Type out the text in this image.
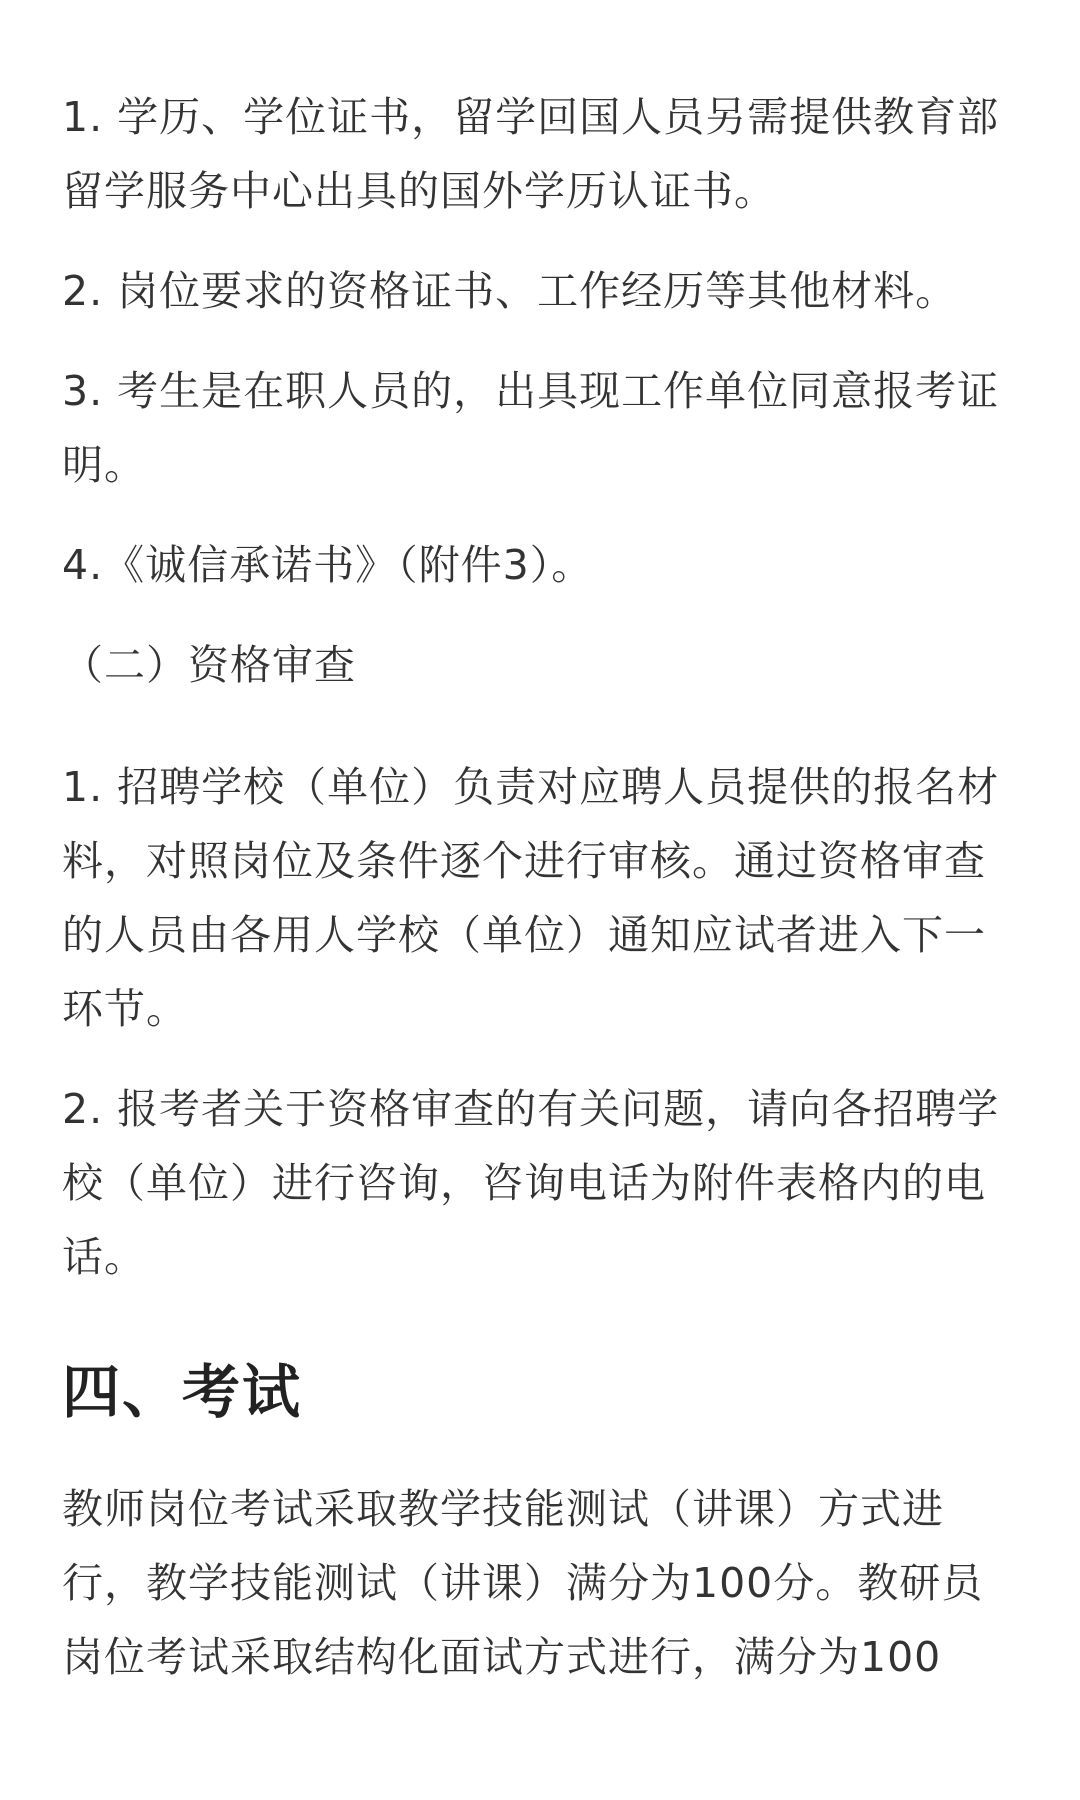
1. 学历、学位证书，留学回国人员另需提供教育部留学服务中心出具的国外学历认证书。

2. 岗位要求的资格证书、工作经历等其他材料。

3. 考生是在职人员的，出具现工作单位同意报考证明。

4.《诚信承诺书》（附件3）。

（二）资格审查

1. 招聘学校（单位）负责对应聘人员提供的报名材料，对照岗位及条件逐个进行审核。通过资格审查的人员由各用人学校（单位）通知应试者进入下一环节。

2. 报考者关于资格审查的有关问题，请向各招聘学校（单位）进行咨询，咨询电话为附件表格内的电话。

四、考试

教师岗位考试采取教学技能测试（讲课）方式进行，教学技能测试（讲课）满分为100分。教研员岗位考试采取结构化面试方式进行，满分为100
